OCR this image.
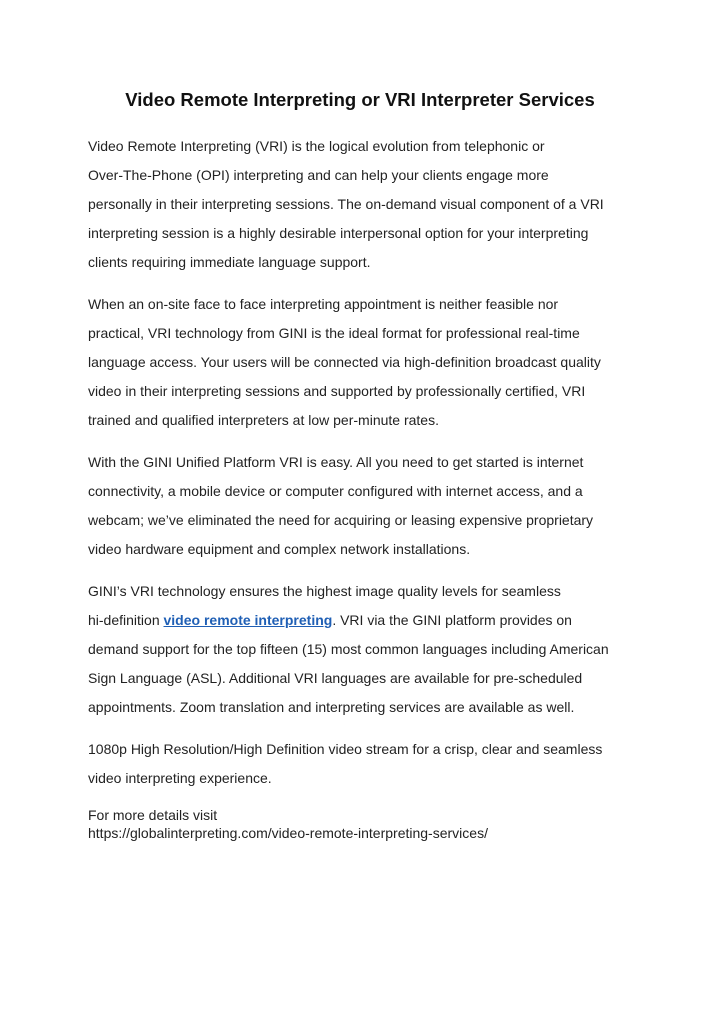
Video Remote Interpreting or VRI Interpreter Services

Video Remote Interpreting (VRI) is the logical evolution from telephonic or
Over-The-Phone (OPI) interpreting and can help your clients engage more
personally in their interpreting sessions. The on-demand visual component of a VRI
interpreting session is a highly desirable interpersonal option for your interpreting
clients requiring immediate language support.

When an on-site face to face interpreting appointment is neither feasible nor
practical, VRI technology from GINI is the ideal format for professional real-time
language access. Your users will be connected via high-definition broadcast quality
video in their interpreting sessions and supported by professionally certified, VRI
trained and qualified interpreters at low per-minute rates.

With the GINI Unified Platform VRI is easy. All you need to get started is internet
connectivity, a mobile device or computer configured with internet access, and a
webcam; we’ve eliminated the need for acquiring or leasing expensive proprietary
video hardware equipment and complex network installations.

GINI’s VRI technology ensures the highest image quality levels for seamless
hi-definition video remote interpreting. VRI via the GINI platform provides on
demand support for the top fifteen (15) most common languages including American
Sign Language (ASL). Additional VRI languages are available for pre-scheduled
appointments. Zoom translation and interpreting services are available as well.

1080p High Resolution/High Definition video stream for a crisp, clear and seamless
video interpreting experience.

For more details visit
https://globalinterpreting.com/video-remote-interpreting-services/
